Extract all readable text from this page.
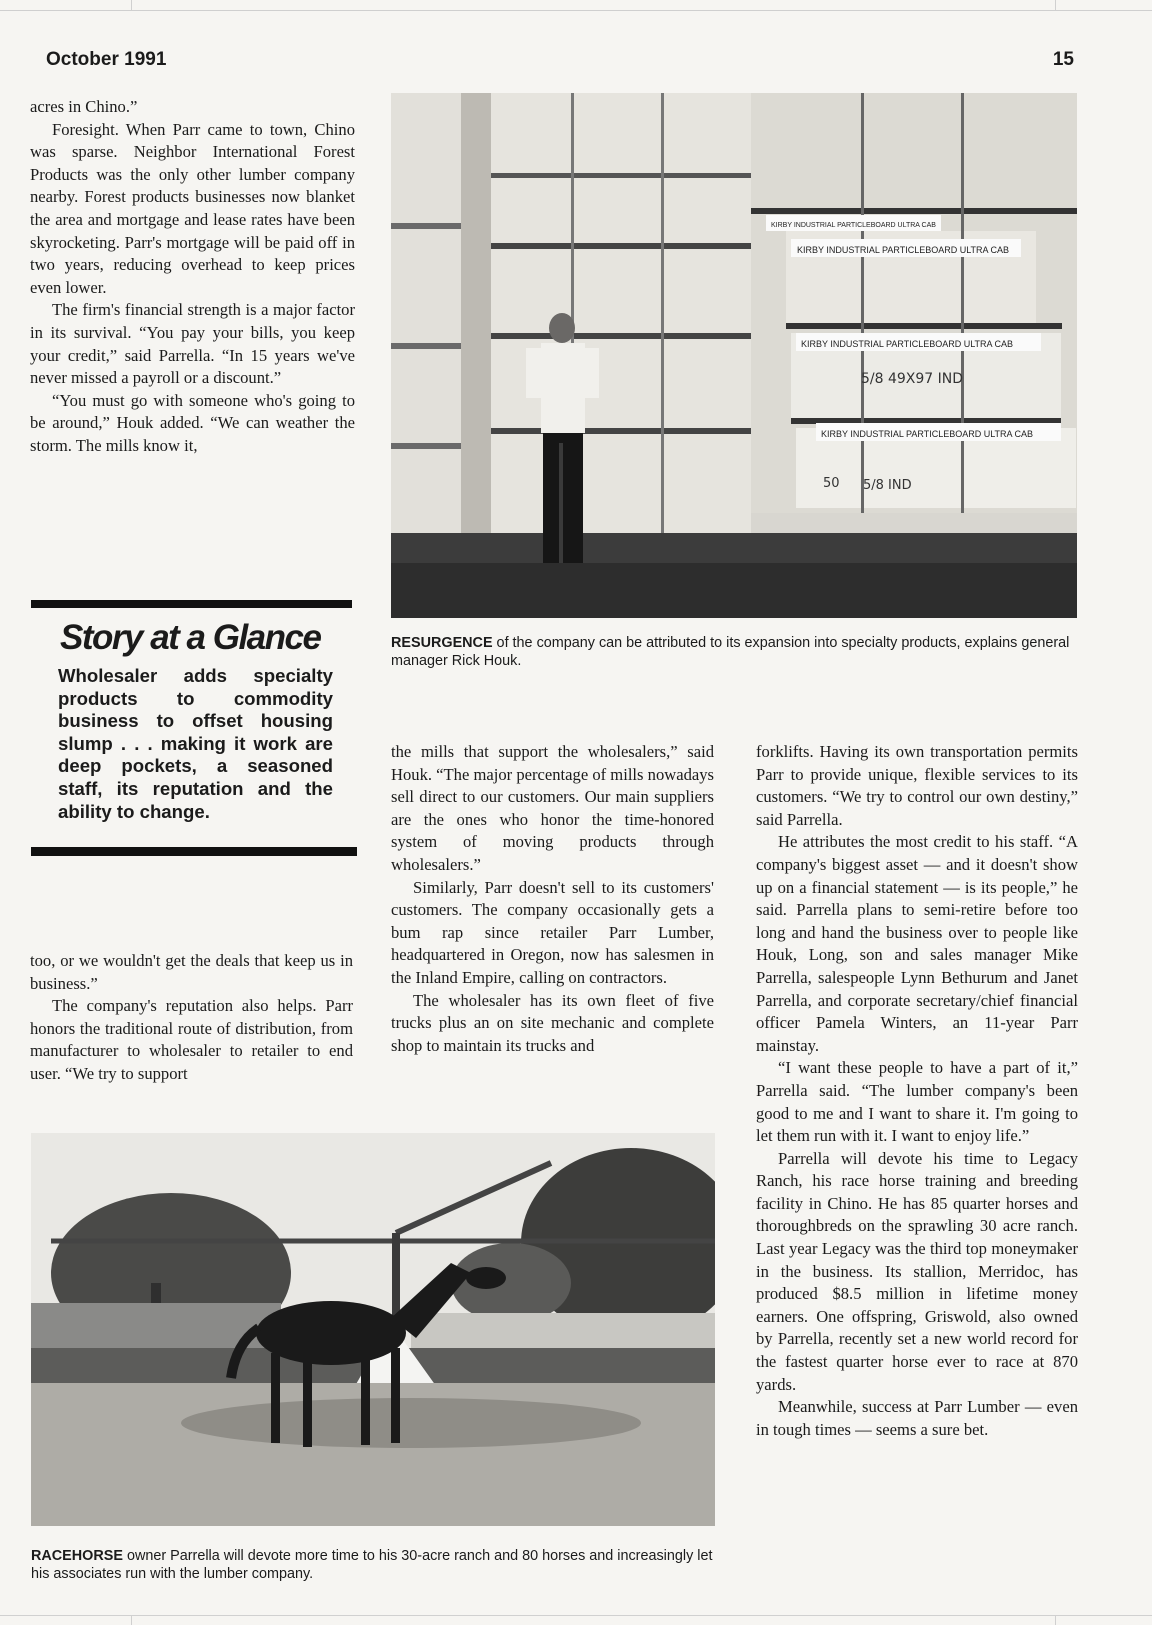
October 1991	15

acres in Chino.”

Foresight. When Parr came to town, Chino was sparse. Neighbor International Forest Products was the only other lumber company nearby. Forest products businesses now blanket the area and mortgage and lease rates have been skyrocketing. Parr's mortgage will be paid off in two years, reducing overhead to keep prices even lower.

The firm's financial strength is a major factor in its survival. “You pay your bills, you keep your credit,” said Parrella. “In 15 years we've never missed a payroll or a discount.”

“You must go with someone who's going to be around,” Houk added. “We can weather the storm. The mills know it,

Story at a Glance
Wholesaler adds specialty products to commodity business to offset housing slump . . . making it work are deep pockets, a seasoned staff, its reputation and the ability to change.

too, or we wouldn't get the deals that keep us in business.”

The company's reputation also helps. Parr honors the traditional route of distribution, from manufacturer to wholesaler to retailer to end user. “We try to support

the mills that support the wholesalers,” said Houk. “The major percentage of mills nowadays sell direct to our customers. Our main suppliers are the ones who honor the time-honored system of moving products through wholesalers.”

Similarly, Parr doesn't sell to its customers' customers. The company occasionally gets a bum rap since retailer Parr Lumber, headquartered in Oregon, now has salesmen in the Inland Empire, calling on contractors.

The wholesaler has its own fleet of five trucks plus an on site mechanic and complete shop to maintain its trucks and

forklifts. Having its own transportation permits Parr to provide unique, flexible services to its customers. “We try to control our own destiny,” said Parrella.

He attributes the most credit to his staff. “A company's biggest asset — and it doesn't show up on a financial statement — is its people,” he said. Parrella plans to semi-retire before too long and hand the business over to people like Houk, Long, son and sales manager Mike Parrella, salespeople Lynn Bethurum and Janet Parrella, and corporate secretary/chief financial officer Pamela Winters, an 11-year Parr mainstay.

“I want these people to have a part of it,” Parrella said. “The lumber company's been good to me and I want to share it. I'm going to let them run with it. I want to enjoy life.”

Parrella will devote his time to Legacy Ranch, his race horse training and breeding facility in Chino. He has 85 quarter horses and thoroughbreds on the sprawling 30 acre ranch. Last year Legacy was the third top moneymaker in the business. Its stallion, Merridoc, has produced $8.5 million in lifetime money earners. One offspring, Griswold, also owned by Parrella, recently set a new world record for the fastest quarter horse ever to race at 870 yards.

Meanwhile, success at Parr Lumber — even in tough times — seems a sure bet.

KIRBY INDUSTRIAL PARTICLEBOARD ULTRA CAB
KIRBY INDUSTRIAL PARTICLEBOARD ULTRA CAB
KIRBY INDUSTRIAL PARTICLEBOARD ULTRA CAB
KIRBY INDUSTRIAL PARTICLEBOARD ULTRA CAB
5/8 49X97 IND
50 5/8 IND
RESURGENCE of the company can be attributed to its expansion into specialty products, explains general manager Rick Houk.
RACEHORSE owner Parrella will devote more time to his 30-acre ranch and 80 horses and increasingly let his associates run with the lumber company.
